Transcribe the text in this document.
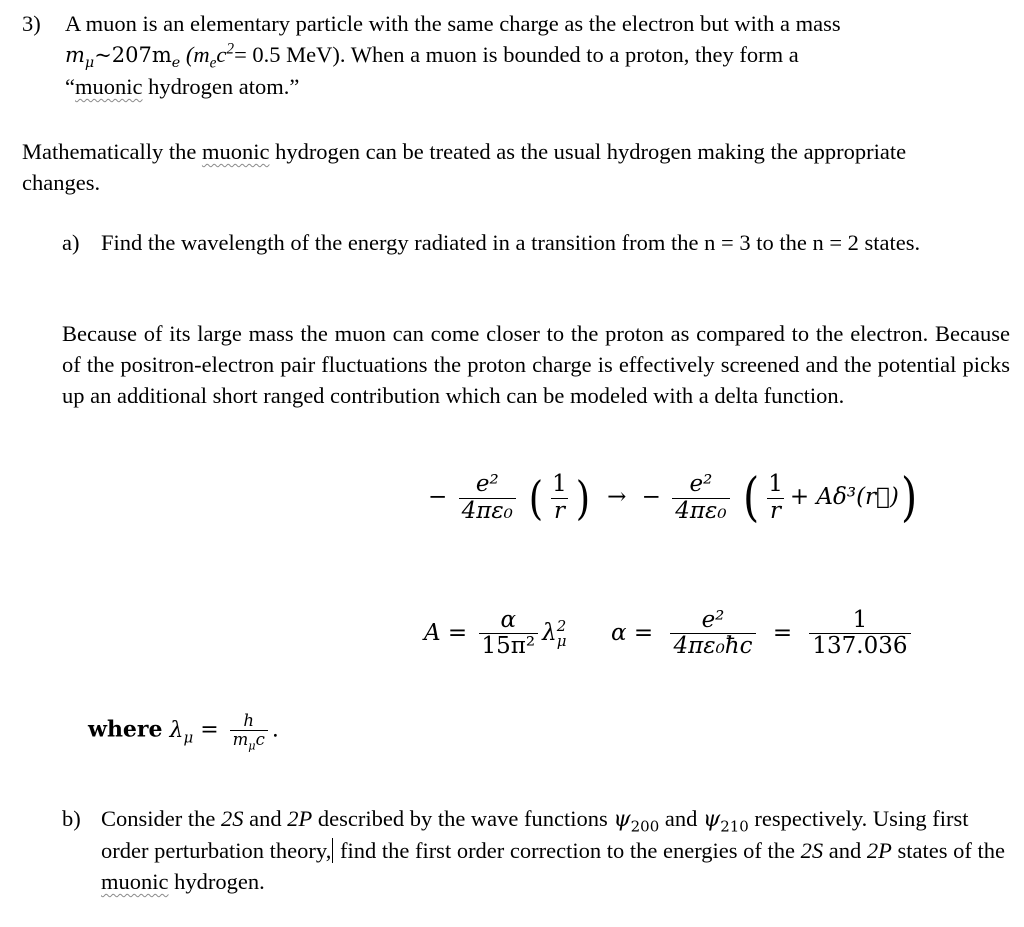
3)	A muon is an elementary particle with the same charge as the electron but with a mass
$m_\mu\sim 207m_e$ ($m_ec^2= 0.5$ MeV). When a muon is bounded to a proton, they form a
“muonic hydrogen atom.”
Mathematically the muonic hydrogen can be treated as the usual hydrogen making the appropriate changes.
a) Find the wavelength of the energy radiated in a transition from the n = 3 to the n = 2 states.
Because of its large mass the muon can come closer to the proton as compared to the electron. Because of the positron-electron pair fluctuations the proton charge is effectively screened and the potential picks up an additional short ranged contribution which can be modeled with a delta function.
− $\frac{\text{e²}}{\text{4πε₀}}$ ( $\frac{1}{r}$ ) → − $\frac{\text{e²}}{\text{4πε₀}}$ ( $\frac{1}{r}$ + Aδ³(r⃗))
$A = \frac{\alpha}{\text{15π²}}$ λ 2
μ $\alpha = \frac{\text{e²}}{\text{4πε₀ħc}} = \frac{1}{137.036}$
where $\lambda_\mu = \frac{h}{m_\mu c}$ .
b) Consider the 2S and 2P described by the wave functions $\psi_{200}$ and $\psi_{210}$ respectively. Using first order perturbation theory, find the first order correction to the energies of the 2S and 2P states of the muonic hydrogen.
